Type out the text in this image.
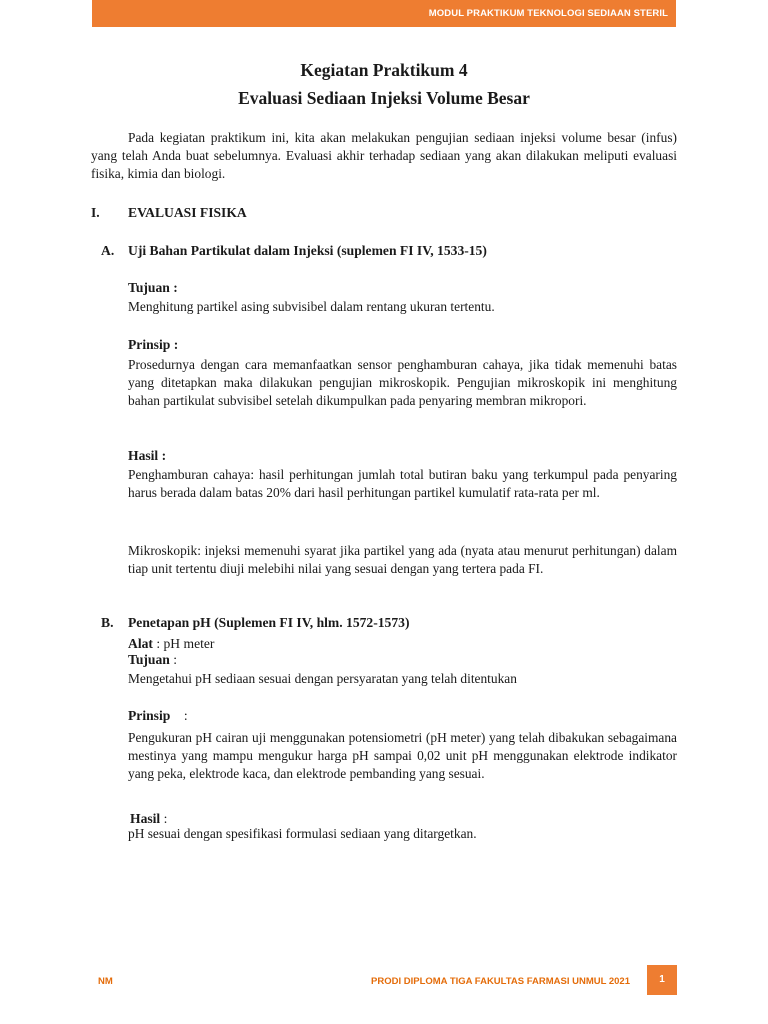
MODUL PRAKTIKUM TEKNOLOGI SEDIAAN STERIL
Kegiatan Praktikum 4
Evaluasi Sediaan Injeksi Volume Besar
Pada kegiatan praktikum ini, kita akan melakukan pengujian sediaan injeksi volume besar (infus) yang telah Anda buat sebelumnya. Evaluasi akhir terhadap sediaan yang akan dilakukan meliputi evaluasi fisika, kimia dan biologi.
I. EVALUASI FISIKA
A. Uji Bahan Partikulat dalam Injeksi (suplemen FI IV, 1533-15)
Tujuan :
Menghitung partikel asing subvisibel dalam rentang ukuran tertentu.
Prinsip :
Prosedurnya dengan cara memanfaatkan sensor penghamburan cahaya, jika tidak memenuhi batas yang ditetapkan maka dilakukan pengujian mikroskopik. Pengujian mikroskopik ini menghitung bahan partikulat subvisibel setelah dikumpulkan pada penyaring membran mikropori.
Hasil :
Penghamburan cahaya: hasil perhitungan jumlah total butiran baku yang terkumpul pada penyaring harus berada dalam batas 20% dari hasil perhitungan partikel kumulatif rata-rata per ml.
Mikroskopik: injeksi memenuhi syarat jika partikel yang ada (nyata atau menurut perhitungan) dalam tiap unit tertentu diuji melebihi nilai yang sesuai dengan yang tertera pada FI.
B. Penetapan pH (Suplemen FI IV, hlm. 1572-1573)
Alat : pH meter
Tujuan :
Mengetahui pH sediaan sesuai dengan persyaratan yang telah ditentukan
Prinsip    :
Pengukuran pH cairan uji menggunakan potensiometri (pH meter) yang telah dibakukan sebagaimana mestinya yang mampu mengukur harga pH sampai 0,02 unit pH menggunakan elektrode indikator yang peka, elektrode kaca, dan elektrode pembanding yang sesuai.
Hasil :
pH sesuai dengan spesifikasi formulasi sediaan yang ditargetkan.
NM	PRODI DIPLOMA TIGA FAKULTAS FARMASI UNMUL 2021	1
